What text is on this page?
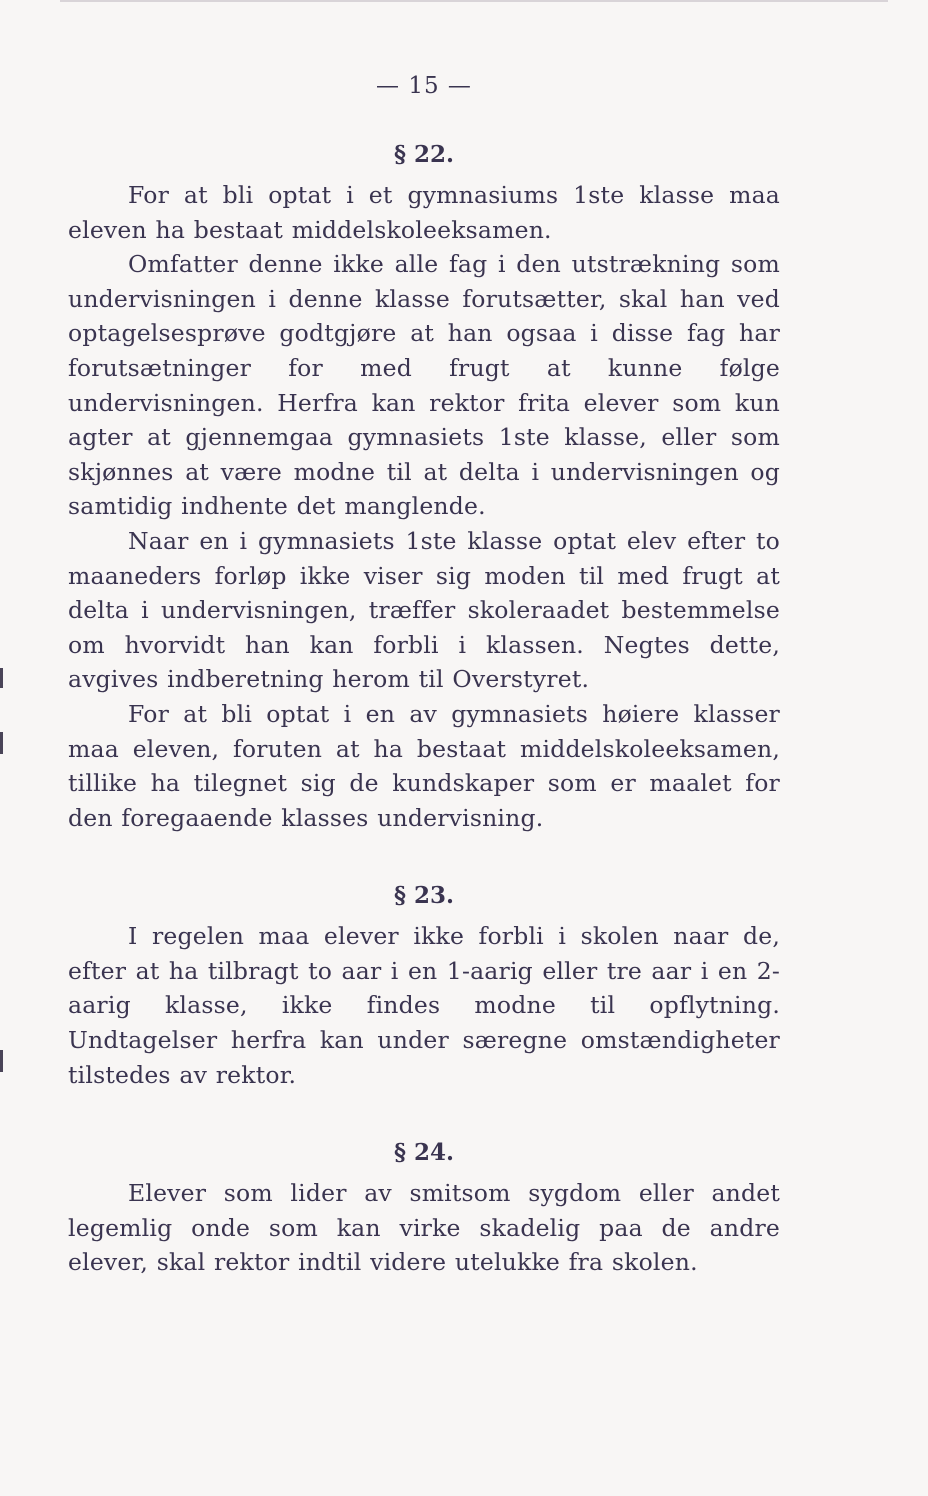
— 15 —
§ 22.

For at bli optat i et gymnasiums 1ste klasse maa eleven ha bestaat middelskoleeksamen.

Omfatter denne ikke alle fag i den utstrækning som undervisningen i denne klasse forutsætter, skal han ved optagelsesprøve godtgjøre at han ogsaa i disse fag har forutsætninger for med frugt at kunne følge undervisningen. Herfra kan rektor frita elever som kun agter at gjennemgaa gymnasiets 1ste klasse, eller som skjønnes at være modne til at delta i undervisningen og samtidig indhente det manglende.

Naar en i gymnasiets 1ste klasse optat elev efter to maaneders forløp ikke viser sig moden til med frugt at delta i undervisningen, træffer skoleraadet bestemmelse om hvorvidt han kan forbli i klassen. Negtes dette, avgives indberetning herom til Overstyret.

For at bli optat i en av gymnasiets høiere klasser maa eleven, foruten at ha bestaat middelskoleeksamen, tillike ha tilegnet sig de kundskaper som er maalet for den foregaaende klasses undervisning.

§ 23.

I regelen maa elever ikke forbli i skolen naar de, efter at ha tilbragt to aar i en 1-aarig eller tre aar i en 2-aarig klasse, ikke findes modne til opflytning. Undtagelser herfra kan under særegne omstændigheter tilstedes av rektor.

§ 24.

Elever som lider av smitsom sygdom eller andet legemlig onde som kan virke skadelig paa de andre elever, skal rektor indtil videre utelukke fra skolen.
